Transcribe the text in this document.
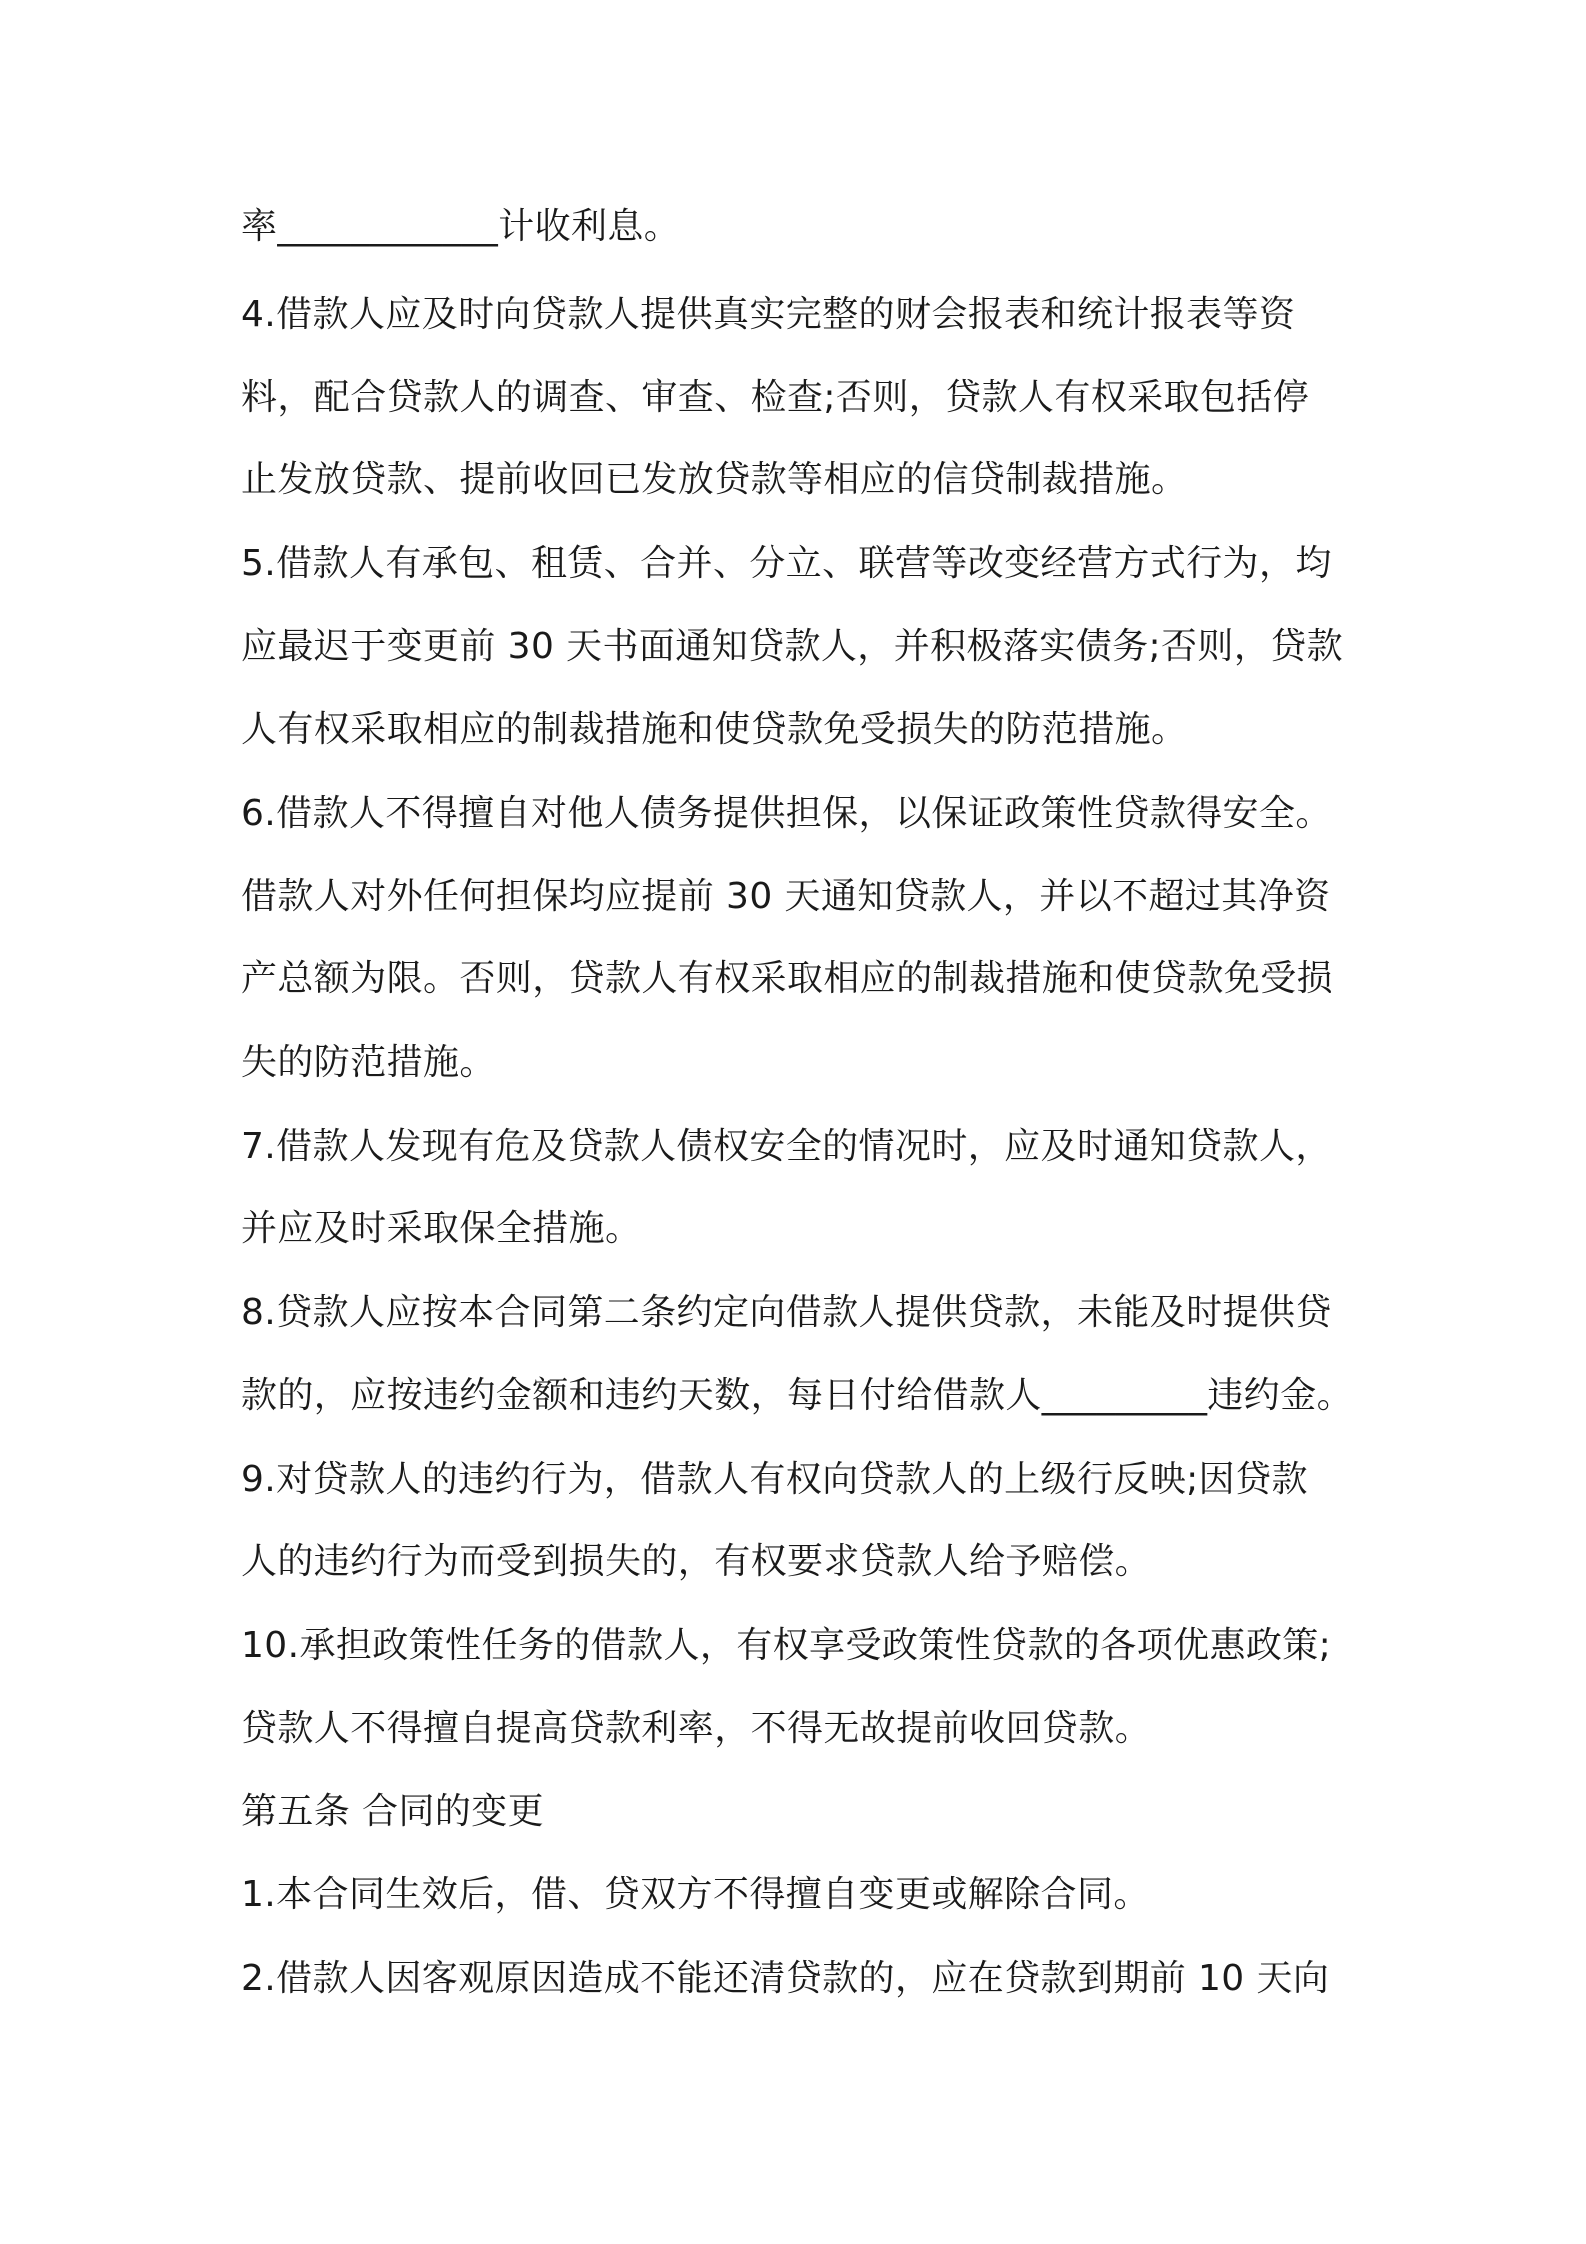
率____________计收利息。
4.借款人应及时向贷款人提供真实完整的财会报表和统计报表等资
料，配合贷款人的调查、审查、检查;否则，贷款人有权采取包括停
止发放贷款、提前收回已发放贷款等相应的信贷制裁措施。
5.借款人有承包、租赁、合并、分立、联营等改变经营方式行为，均
应最迟于变更前 30 天书面通知贷款人，并积极落实债务;否则，贷款
人有权采取相应的制裁措施和使贷款免受损失的防范措施。
6.借款人不得擅自对他人债务提供担保，以保证政策性贷款得安全。
借款人对外任何担保均应提前 30 天通知贷款人，并以不超过其净资
产总额为限。否则，贷款人有权采取相应的制裁措施和使贷款免受损
失的防范措施。
7.借款人发现有危及贷款人债权安全的情况时，应及时通知贷款人，
并应及时采取保全措施。
8.贷款人应按本合同第二条约定向借款人提供贷款，未能及时提供贷
款的，应按违约金额和违约天数，每日付给借款人_________违约金。
9.对贷款人的违约行为，借款人有权向贷款人的上级行反映;因贷款
人的违约行为而受到损失的，有权要求贷款人给予赔偿。
10.承担政策性任务的借款人，有权享受政策性贷款的各项优惠政策;
贷款人不得擅自提高贷款利率，不得无故提前收回贷款。
第五条 合同的变更
1.本合同生效后，借、贷双方不得擅自变更或解除合同。
2.借款人因客观原因造成不能还清贷款的，应在贷款到期前 10 天向
